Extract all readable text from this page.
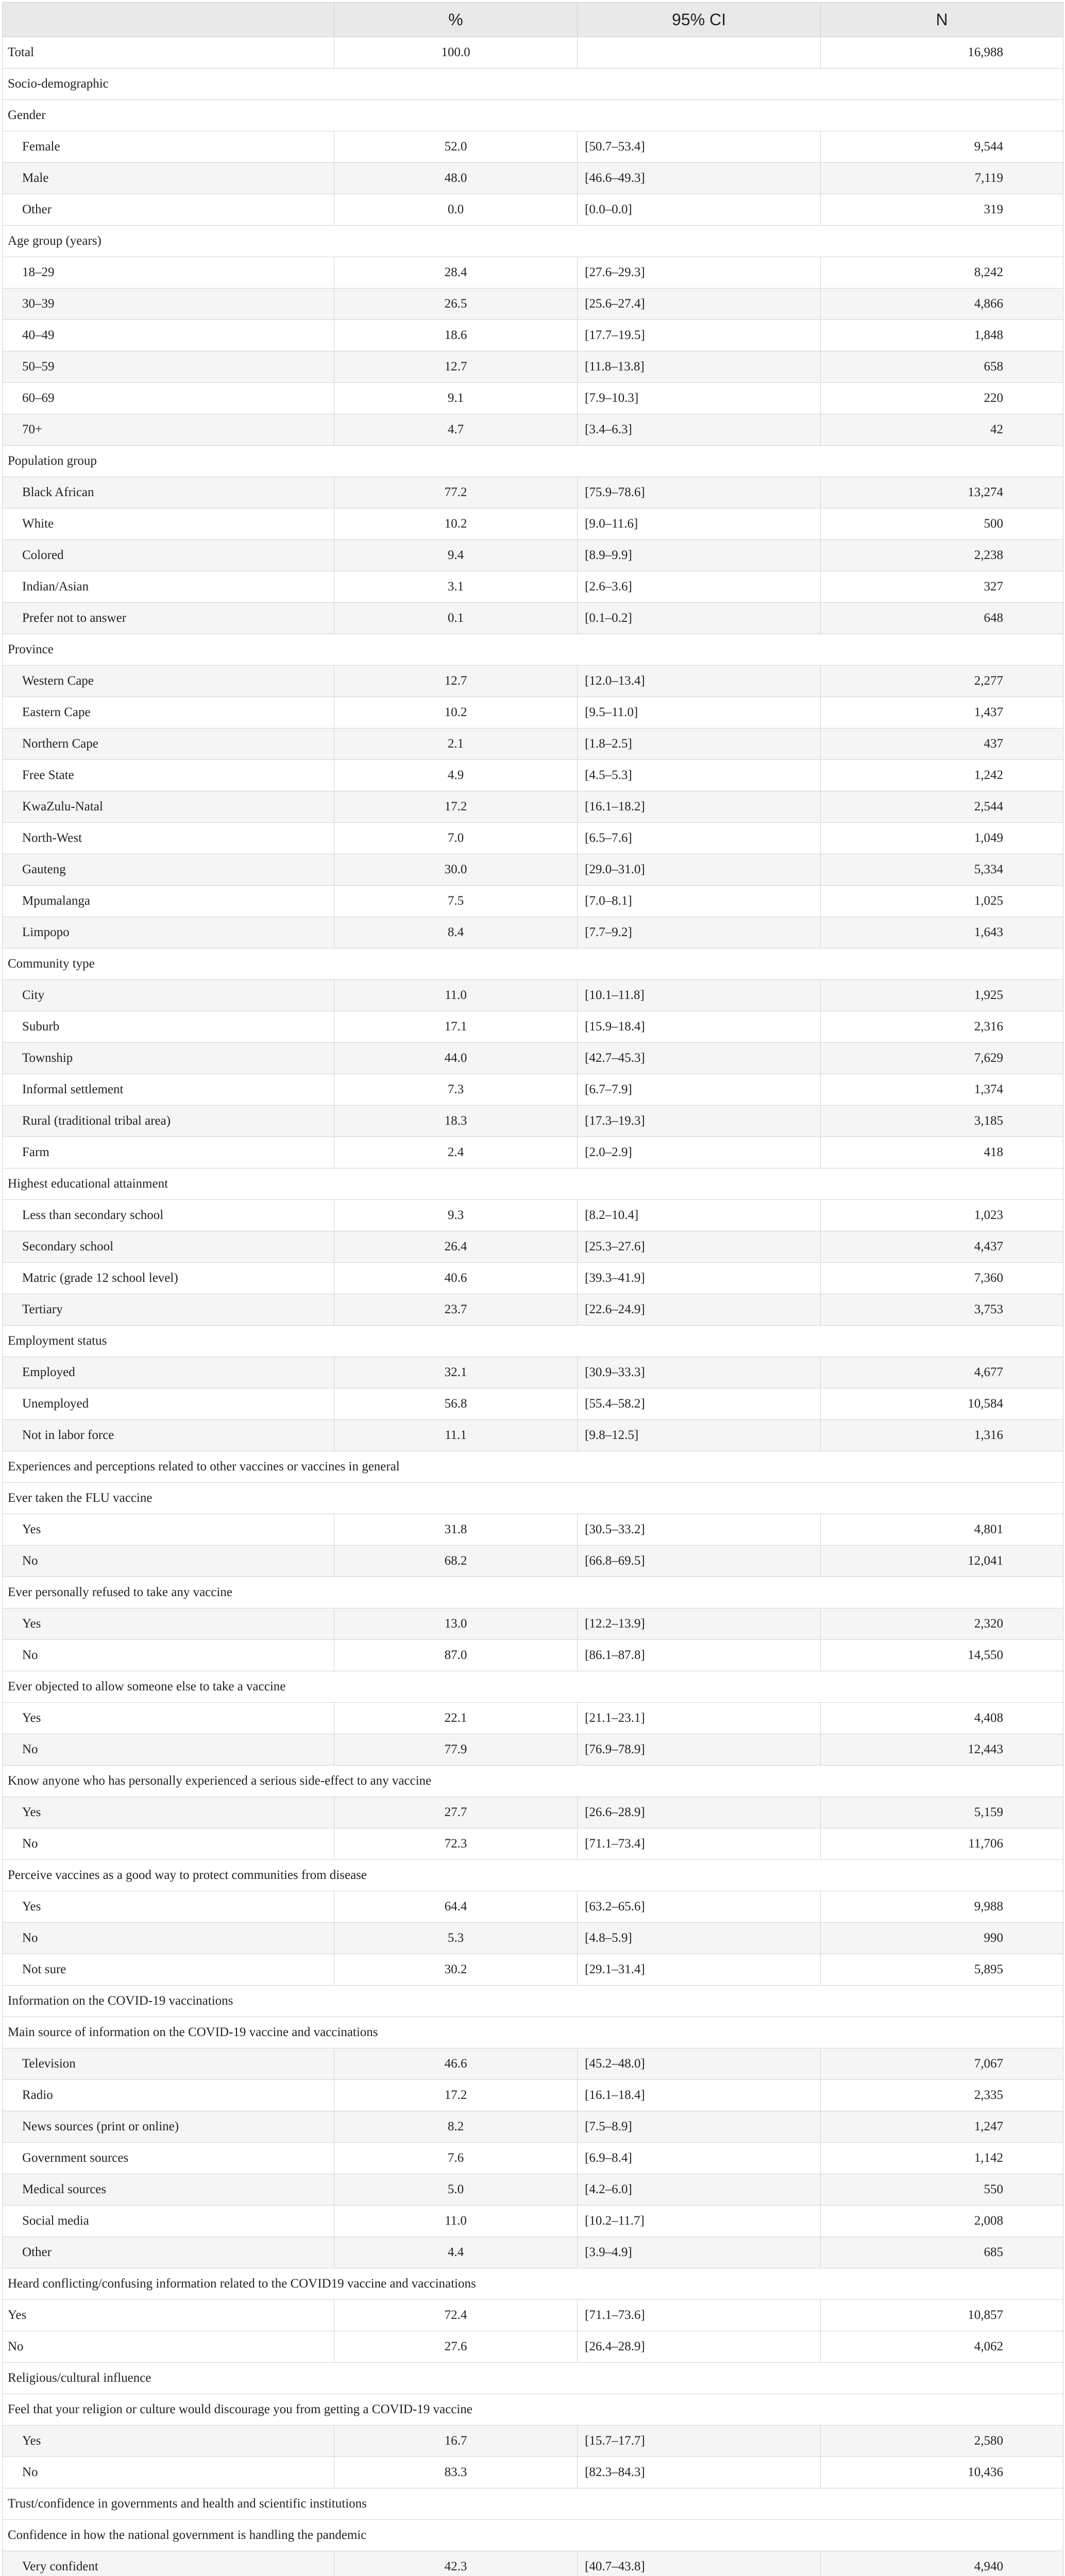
	%	95% CI	N
Total	100.0		16,988
Socio-demographic			
Gender			
Female	52.0	[50.7–53.4]	9,544
Male	48.0	[46.6–49.3]	7,119
Other	0.0	[0.0–0.0]	319
Age group (years)			
18–29	28.4	[27.6–29.3]	8,242
30–39	26.5	[25.6–27.4]	4,866
40–49	18.6	[17.7–19.5]	1,848
50–59	12.7	[11.8–13.8]	658
60–69	9.1	[7.9–10.3]	220
70+	4.7	[3.4–6.3]	42
Population group			
Black African	77.2	[75.9–78.6]	13,274
White	10.2	[9.0–11.6]	500
Colored	9.4	[8.9–9.9]	2,238
Indian/Asian	3.1	[2.6–3.6]	327
Prefer not to answer	0.1	[0.1–0.2]	648
Province			
Western Cape	12.7	[12.0–13.4]	2,277
Eastern Cape	10.2	[9.5–11.0]	1,437
Northern Cape	2.1	[1.8–2.5]	437
Free State	4.9	[4.5–5.3]	1,242
KwaZulu-Natal	17.2	[16.1–18.2]	2,544
North-West	7.0	[6.5–7.6]	1,049
Gauteng	30.0	[29.0–31.0]	5,334
Mpumalanga	7.5	[7.0–8.1]	1,025
Limpopo	8.4	[7.7–9.2]	1,643
Community type			
City	11.0	[10.1–11.8]	1,925
Suburb	17.1	[15.9–18.4]	2,316
Township	44.0	[42.7–45.3]	7,629
Informal settlement	7.3	[6.7–7.9]	1,374
Rural (traditional tribal area)	18.3	[17.3–19.3]	3,185
Farm	2.4	[2.0–2.9]	418
Highest educational attainment			
Less than secondary school	9.3	[8.2–10.4]	1,023
Secondary school	26.4	[25.3–27.6]	4,437
Matric (grade 12 school level)	40.6	[39.3–41.9]	7,360
Tertiary	23.7	[22.6–24.9]	3,753
Employment status			
Employed	32.1	[30.9–33.3]	4,677
Unemployed	56.8	[55.4–58.2]	10,584
Not in labor force	11.1	[9.8–12.5]	1,316
Experiences and perceptions related to other vaccines or vaccines in general			
Ever taken the FLU vaccine			
Yes	31.8	[30.5–33.2]	4,801
No	68.2	[66.8–69.5]	12,041
Ever personally refused to take any vaccine			
Yes	13.0	[12.2–13.9]	2,320
No	87.0	[86.1–87.8]	14,550
Ever objected to allow someone else to take a vaccine			
Yes	22.1	[21.1–23.1]	4,408
No	77.9	[76.9–78.9]	12,443
Know anyone who has personally experienced a serious side-effect to any vaccine			
Yes	27.7	[26.6–28.9]	5,159
No	72.3	[71.1–73.4]	11,706
Perceive vaccines as a good way to protect communities from disease			
Yes	64.4	[63.2–65.6]	9,988
No	5.3	[4.8–5.9]	990
Not sure	30.2	[29.1–31.4]	5,895
Information on the COVID-19 vaccinations			
Main source of information on the COVID-19 vaccine and vaccinations			
Television	46.6	[45.2–48.0]	7,067
Radio	17.2	[16.1–18.4]	2,335
News sources (print or online)	8.2	[7.5–8.9]	1,247
Government sources	7.6	[6.9–8.4]	1,142
Medical sources	5.0	[4.2–6.0]	550
Social media	11.0	[10.2–11.7]	2,008
Other	4.4	[3.9–4.9]	685
Heard conflicting/confusing information related to the COVID19 vaccine and vaccinations			
Yes	72.4	[71.1–73.6]	10,857
No	27.6	[26.4–28.9]	4,062
Religious/cultural influence			
Feel that your religion or culture would discourage you from getting a COVID-19 vaccine			
Yes	16.7	[15.7–17.7]	2,580
No	83.3	[82.3–84.3]	10,436
Trust/confidence in governments and health and scientific institutions			
Confidence in how the national government is handling the pandemic			
Very confident	42.3	[40.7–43.8]	4,940
